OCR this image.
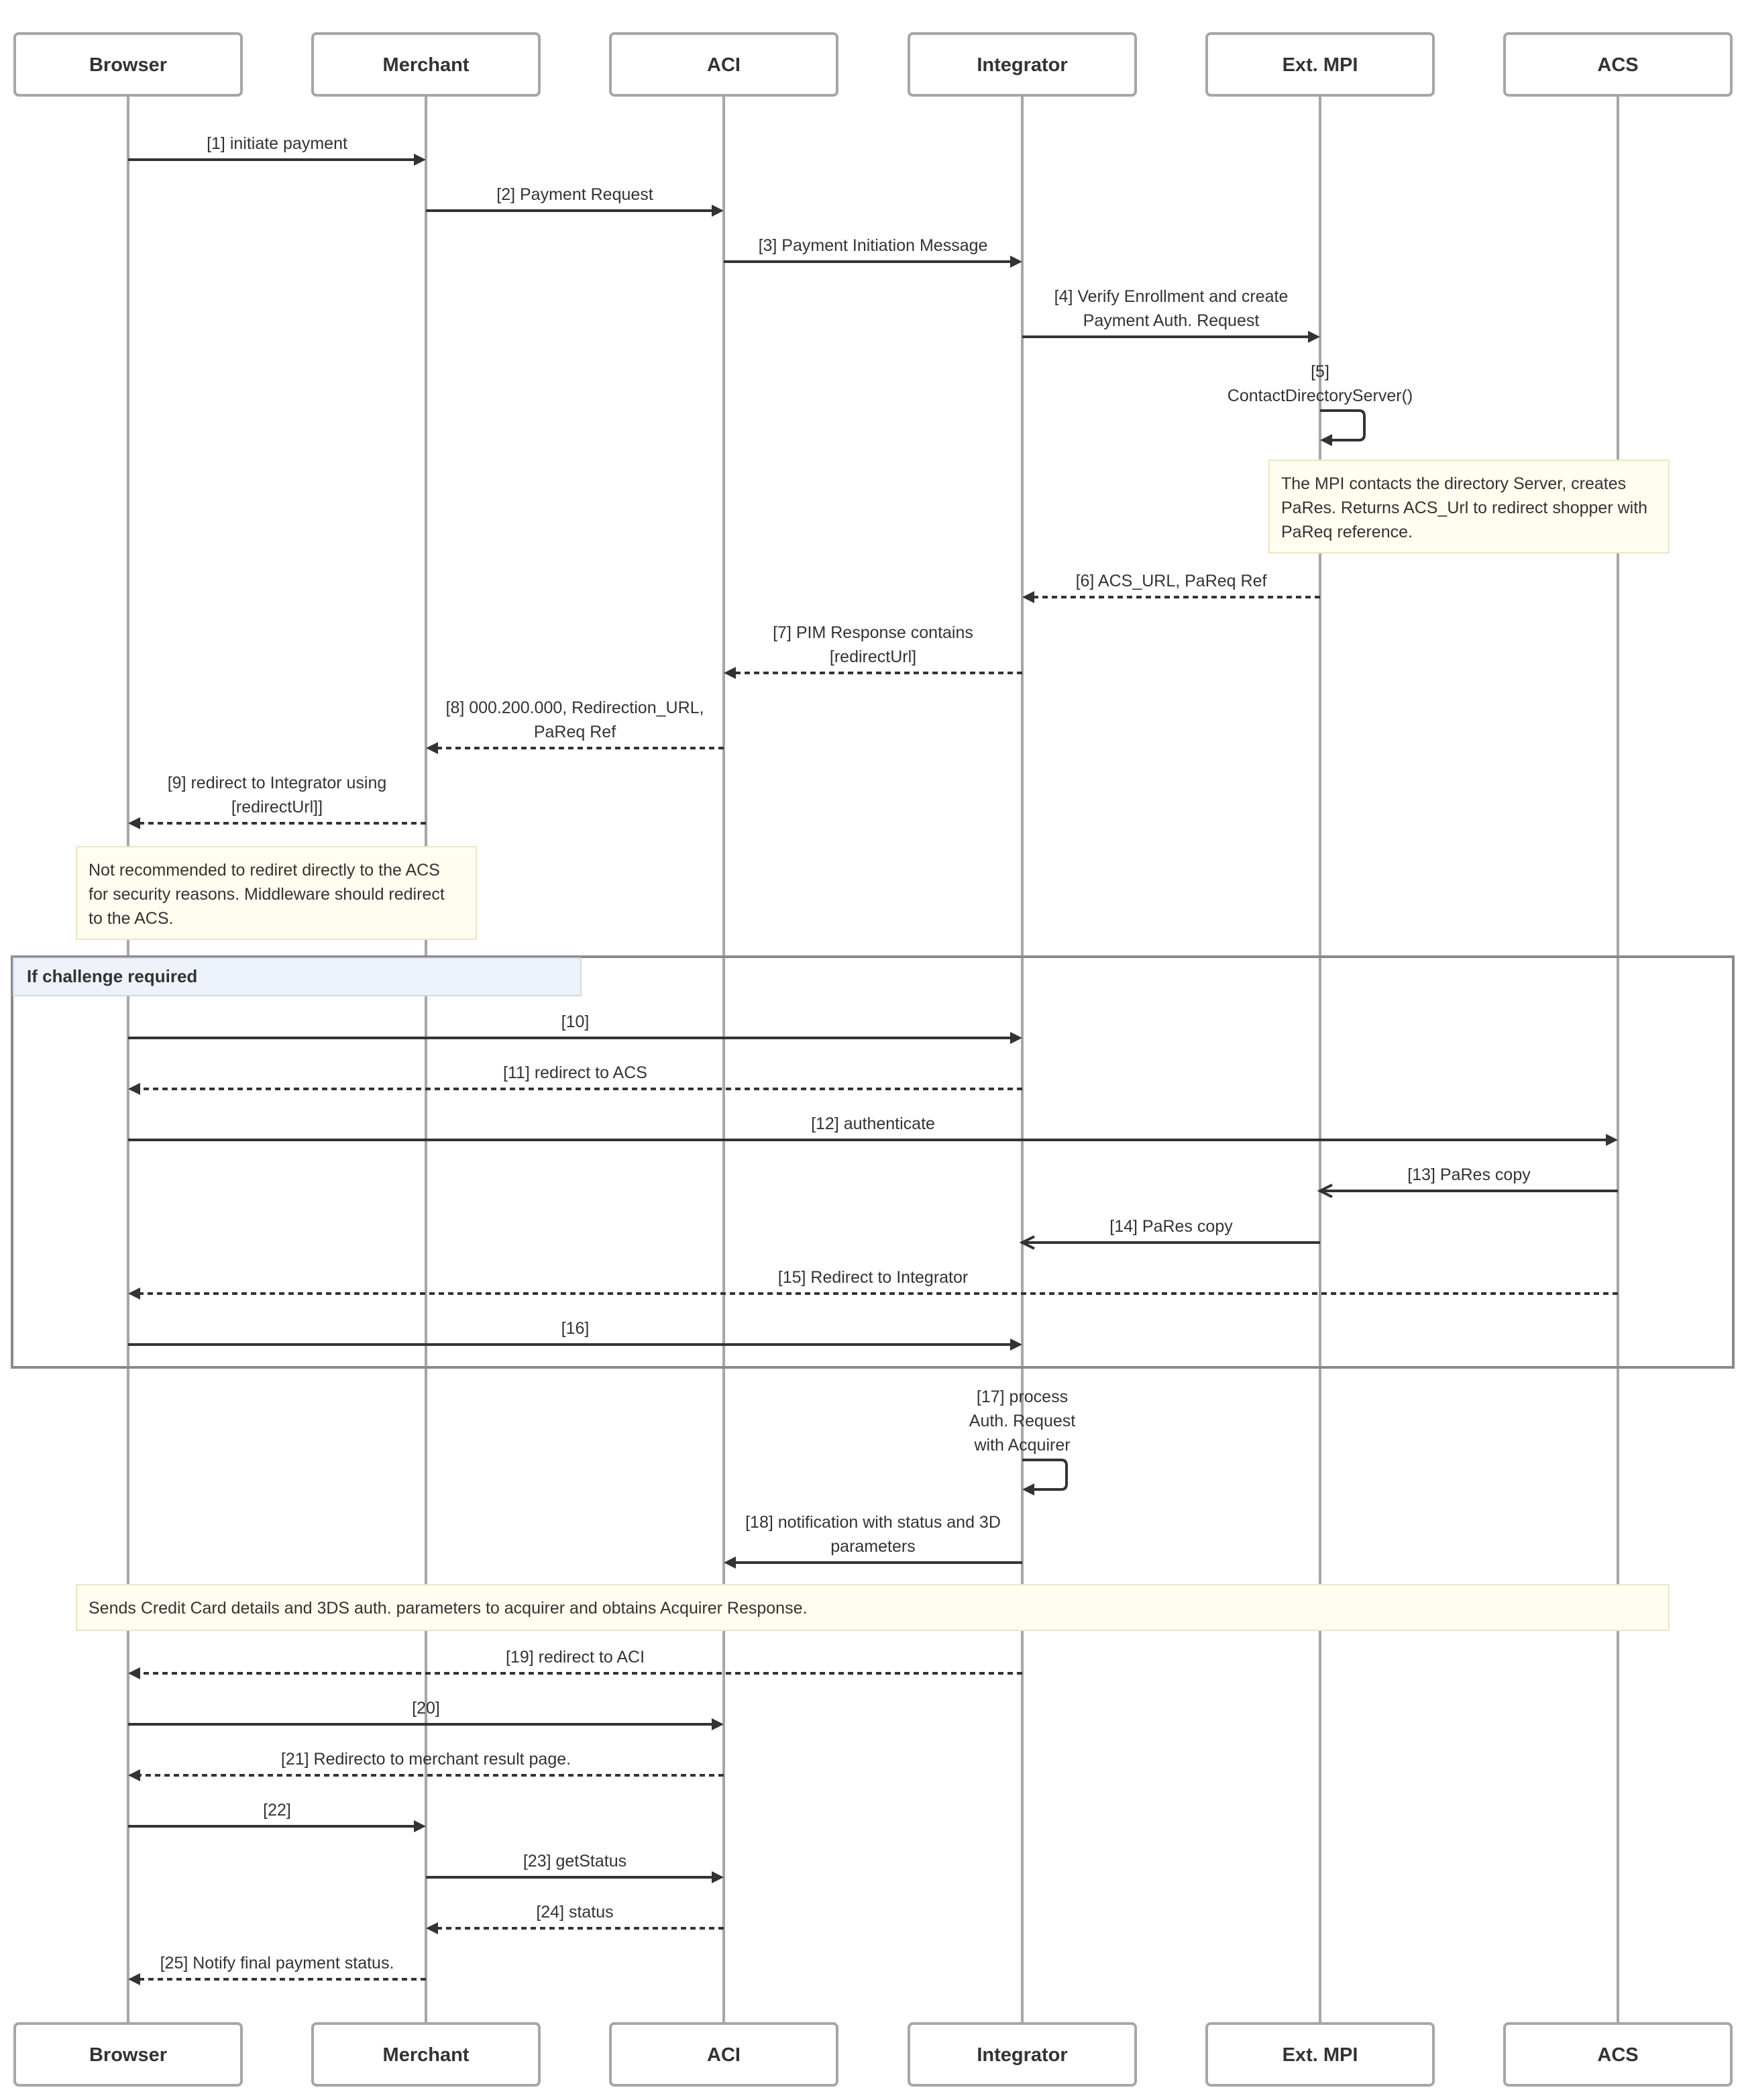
If challenge required
The MPI contacts the directory Server, creates
PaRes. Returns ACS_Url to redirect shopper with
PaReq reference.
Not recommended to rediret directly to the ACS
for security reasons. Middleware should redirect
to the ACS.
Sends Credit Card details and 3DS auth. parameters to acquirer and obtains Acquirer Response.
[1] initiate payment
[2] Payment Request
[3] Payment Initiation Message
[4] Verify Enrollment and create
Payment Auth. Request
[5]
ContactDirectoryServer()
[6] ACS_URL, PaReq Ref
[7] PIM Response contains
[redirectUrl]
[8] 000.200.000, Redirection_URL,
PaReq Ref
[9] redirect to Integrator using
[redirectUrl]]
[10]
[11] redirect to ACS
[12] authenticate
[13] PaRes copy
[14] PaRes copy
[15] Redirect to Integrator
[16]
[17] process
Auth. Request
with Acquirer
[18] notification with status and 3D
parameters
[19] redirect to ACI
[20]
[21] Redirecto to merchant result page.
[22]
[23] getStatus
[24] status
[25] Notify final payment status.
Browser
Browser
Merchant
Merchant
ACI
ACI
Integrator
Integrator
Ext. MPI
Ext. MPI
ACS
ACS
